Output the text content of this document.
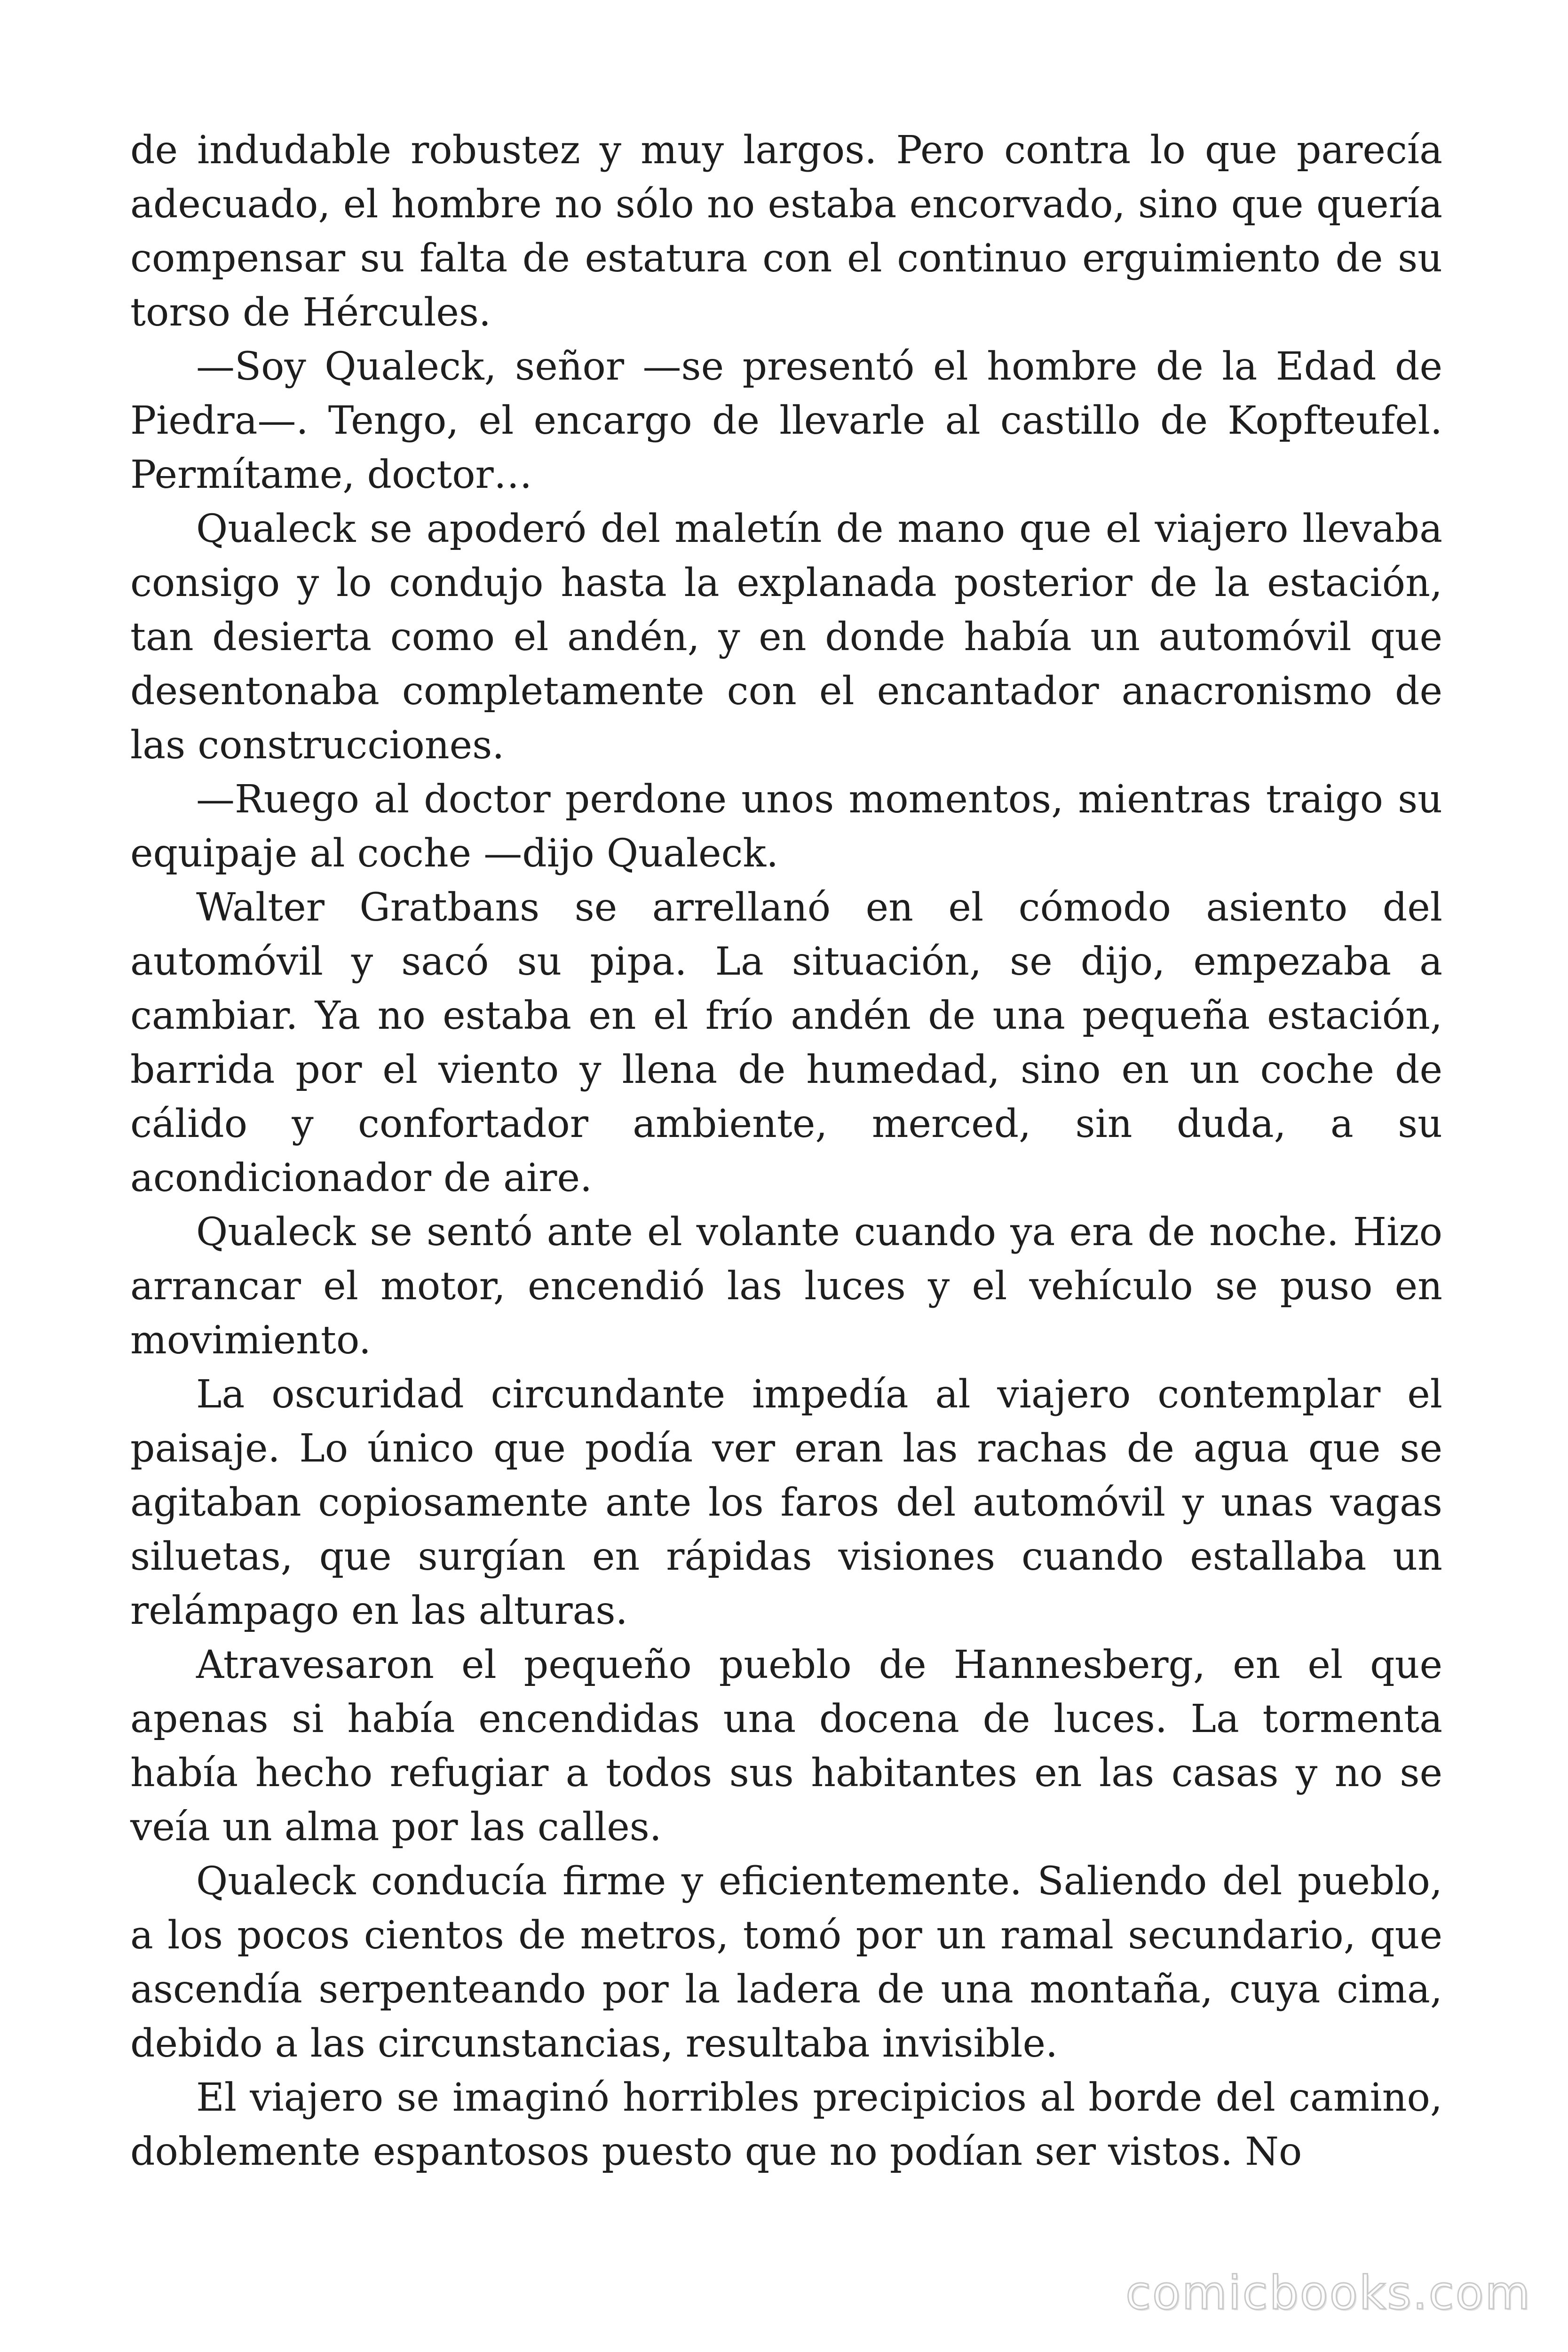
de indudable robustez y muy largos. Pero contra lo que parecía adecuado, el hombre no sólo no estaba encorvado, sino que quería compensar su falta de estatura con el continuo erguimiento de su torso de Hércules.

—Soy Qualeck, señor —se presentó el hombre de la Edad de Piedra—. Tengo, el encargo de llevarle al castillo de Kopfteufel. Permítame, doctor…

Qualeck se apoderó del maletín de mano que el viajero llevaba consigo y lo condujo hasta la explanada posterior de la estación, tan desierta como el andén, y en donde había un automóvil que desentonaba completamente con el encantador anacronismo de las construcciones.

—Ruego al doctor perdone unos momentos, mientras traigo su equipaje al coche —dijo Qualeck.

Walter Gratbans se arrellanó en el cómodo asiento del automóvil y sacó su pipa. La situación, se dijo, empezaba a cambiar. Ya no estaba en el frío andén de una pequeña estación, barrida por el viento y llena de humedad, sino en un coche de cálido y confortador ambiente, merced, sin duda, a su acondicionador de aire.

Qualeck se sentó ante el volante cuando ya era de noche. Hizo arrancar el motor, encendió las luces y el vehículo se puso en movimiento.

La oscuridad circundante impedía al viajero contemplar el paisaje. Lo único que podía ver eran las rachas de agua que se agitaban copiosamente ante los faros del automóvil y unas vagas siluetas, que surgían en rápidas visiones cuando estallaba un relámpago en las alturas.

Atravesaron el pequeño pueblo de Hannesberg, en el que apenas si había encendidas una docena de luces. La tormenta había hecho refugiar a todos sus habitantes en las casas y no se veía un alma por las calles.

Qualeck conducía firme y eficientemente. Saliendo del pueblo, a los pocos cientos de metros, tomó por un ramal secundario, que ascendía serpenteando por la ladera de una montaña, cuya cima, debido a las circunstancias, resultaba invisible.

El viajero se imaginó horribles precipicios al borde del camino, doblemente espantosos puesto que no podían ser vistos. No

comicbooks.com
